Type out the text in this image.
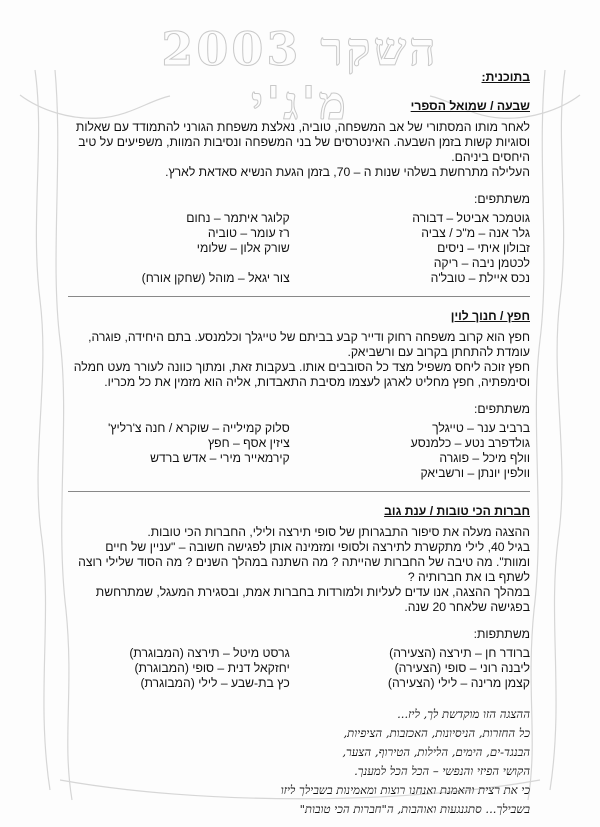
2003 רקשה י'ג'מ	בתוכנית:

שבעה / שמואל הספרי

לאחר מותו המסתורי של אב המשפחה, טוביה, נאלצת משפחת הגורני להתמודד עם שאלות וסוגיות קשות בזמן השבעה. האינטרסים של בני המשפחה ונסיבות המוות, משפיעים על טיב היחסים ביניהם.

העלילה מתרחשת בשלהי שנות ה – 70, בזמן הגעת הנשיא סאדאת לארץ.

משתתפים:

גוטמכר אביטל – דבורה
גלר אנה – מ"כ / צביה
זבולון איתי – ניסים
לכטמן ניבה – ריקה
נכס איילת – טובל'ה
קלוגר איתמר – נחום
רז עומר – טוביה
שורק אלון – שלומי
צור יגאל – מוהל (שחקן אורח)

חפץ / חנוך לוין

חפץ הוא קרוב משפחה רחוק ודייר קבע בביתם של טייגלך וכלמנסע. בתם היחידה, פוגרה, עומדת להתחתן בקרוב עם ורשביאק.

חפץ זוכה ליחס משפיל מצד כל הסובבים אותו. בעקבות זאת, ומתוך כוונה לעורר מעט חמלה וסימפתיה, חפץ מחליט לארגן לעצמו מסיבת התאבדות, אליה הוא מזמין את כל מכריו.

משתתפים:

ברביב ענר – טייגלך
גולדפרב נטע – כלמנסע
וולף מיכל – פוגרה
וולפין יונתן – ורשביאק
סלוק קמילייה – שוקרא / חנה צ'רליץ'
ציזין אסף – חפץ
קירמאייר מירי – אדש ברדש

חברות הכי טובות / ענת גוב

ההצגה מעלה את סיפור התבגרותן של סופי תירצה ולילי, החברות הכי טובות.

בגיל 40, לילי מתקשרת לתירצה ולסופי ומזמינה אותן לפגישה חשובה – "עניין של חיים ומוות". מה טיבה של החברות שהייתה ? מה השתנה במהלך השנים ? מה הסוד שלילי רוצה לשתף בו את חברותיה ?

במהלך ההצגה, אנו עדים לעליות ולמורדות בחברות אמת, ובסגירת המעגל, שמתרחשת בפגישה שלאחר 20 שנה.

משתתפות:

ברודר חן – תירצה (הצעירה)
ליבנה רוני – סופי (הצעירה)
קצמן מרינה – לילי (הצעירה)
גרסט מיטל – תירצה (המבוגרת)
יחזקאל דנית – סופי (המבוגרת)
כץ בת-שבע – לילי (המבוגרת)
ההצגה הזו מוקדשת לך, ליז...
כל החזרות, הניסיונות, האכזבות, הציפיות,
הבנגד-ים, הימים, הלילות, הטירוף, הצער,
הקושי הפיזי והנפשי – הכל הכל למענך.
כי את רצית והאמנת ואנחנו רוצות ומאמינות בשבילך ליזו
בשבילך... סתגנגעות ואוהבות, ה"חברות הכי טובות"
